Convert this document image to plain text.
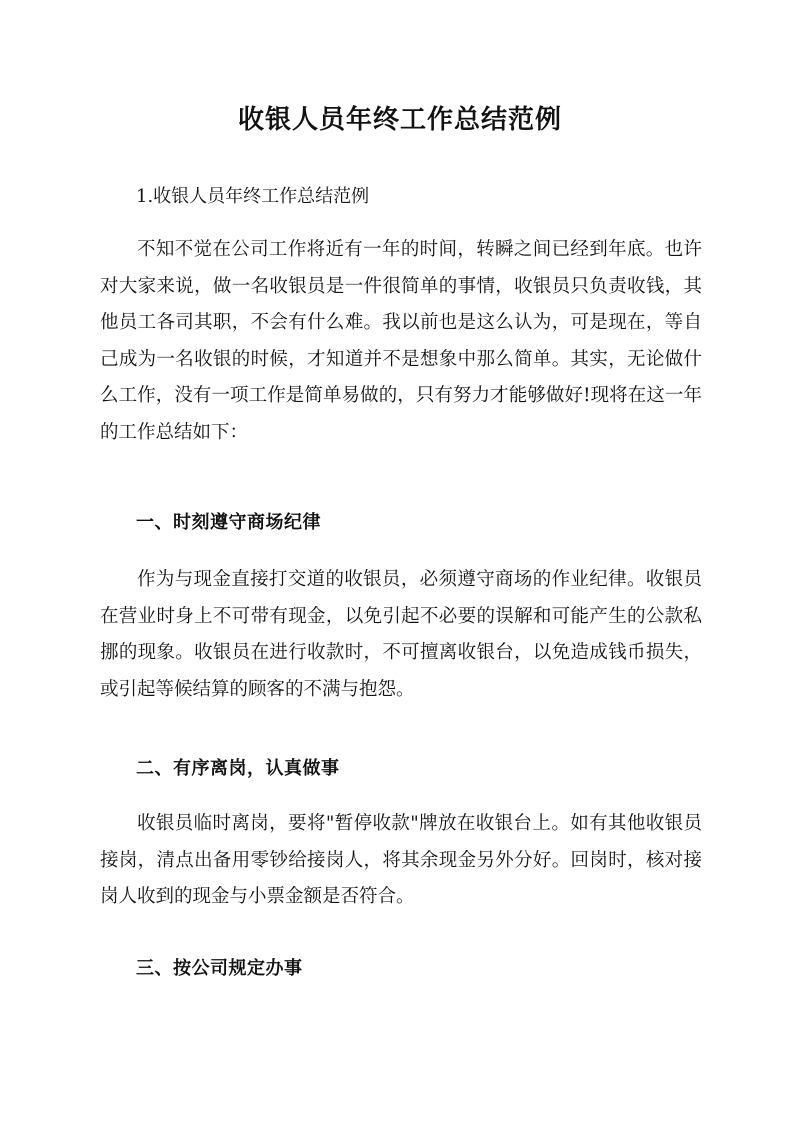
收银人员年终工作总结范例
1.收银人员年终工作总结范例

不知不觉在公司工作将近有一年的时间，转瞬之间已经到年底。也许对大家来说，做一名收银员是一件很简单的事情，收银员只负责收钱，其他员工各司其职，不会有什么难。我以前也是这么认为，可是现在，等自己成为一名收银的时候，才知道并不是想象中那么简单。其实，无论做什么工作，没有一项工作是简单易做的，只有努力才能够做好!现将在这一年的工作总结如下：

一、时刻遵守商场纪律

作为与现金直接打交道的收银员，必须遵守商场的作业纪律。收银员在营业时身上不可带有现金，以免引起不必要的误解和可能产生的公款私挪的现象。收银员在进行收款时，不可擅离收银台，以免造成钱币损失，或引起等候结算的顾客的不满与抱怨。

二、有序离岗，认真做事

收银员临时离岗，要将"暂停收款"牌放在收银台上。如有其他收银员接岗，清点出备用零钞给接岗人，将其余现金另外分好。回岗时，核对接岗人收到的现金与小票金额是否符合。

三、按公司规定办事
